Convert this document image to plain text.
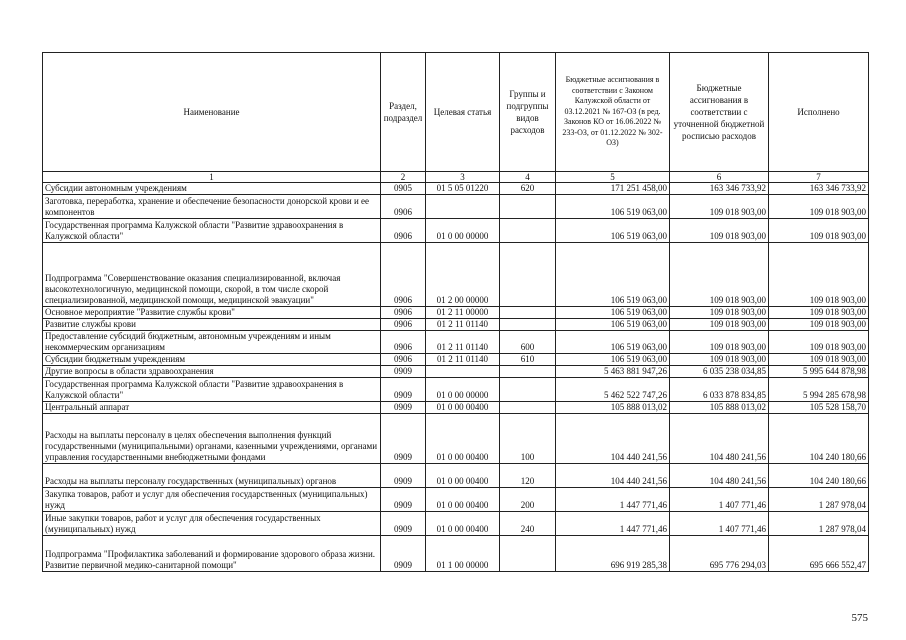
Наименование	Раздел, подраздел	Целевая статья	Группы и подгруппы видов расходов	Бюджетные ассигнования в соответствии с Законом Калужской области от 03.12.2021 № 167-ОЗ (в ред. Законов КО от 16.06.2022 № 233-ОЗ, от 01.12.2022 № 302-ОЗ)	Бюджетные ассигнования в соответствии с уточненной бюджетной росписью расходов	Исполнено
1	2	3	4	5	6	7
Субсидии автономным учреждениям	0905	01 5 05 01220	620	171 251 458,00	163 346 733,92	163 346 733,92
Заготовка, переработка, хранение и обеспечение безопасности донорской крови и ее компонентов	0906			106 519 063,00	109 018 903,00	109 018 903,00
Государственная программа Калужской области "Развитие здравоохранения в Калужской области"	0906	01 0 00 00000		106 519 063,00	109 018 903,00	109 018 903,00
Подпрограмма "Совершенствование оказания специализированной, включая высокотехнологичную, медицинской помощи, скорой, в том числе скорой специализированной, медицинской помощи, медицинской эвакуации"	0906	01 2 00 00000		106 519 063,00	109 018 903,00	109 018 903,00
Основное мероприятие "Развитие службы крови"	0906	01 2 11 00000		106 519 063,00	109 018 903,00	109 018 903,00
Развитие службы крови	0906	01 2 11 01140		106 519 063,00	109 018 903,00	109 018 903,00
Предоставление субсидий бюджетным, автономным учреждениям и иным некоммерческим организациям	0906	01 2 11 01140	600	106 519 063,00	109 018 903,00	109 018 903,00
Субсидии бюджетным учреждениям	0906	01 2 11 01140	610	106 519 063,00	109 018 903,00	109 018 903,00
Другие вопросы в области здравоохранения	0909			5 463 881 947,26	6 035 238 034,85	5 995 644 878,98
Государственная программа Калужской области "Развитие здравоохранения в Калужской области"	0909	01 0 00 00000		5 462 522 747,26	6 033 878 834,85	5 994 285 678,98
Центральный аппарат	0909	01 0 00 00400		105 888 013,02	105 888 013,02	105 528 158,70
Расходы на выплаты персоналу в целях обеспечения выполнения функций государственными (муниципальными) органами, казенными учреждениями, органами управления государственными внебюджетными фондами	0909	01 0 00 00400	100	104 440 241,56	104 480 241,56	104 240 180,66
Расходы на выплаты персоналу государственных (муниципальных) органов	0909	01 0 00 00400	120	104 440 241,56	104 480 241,56	104 240 180,66
Закупка товаров, работ и услуг для обеспечения государственных (муниципальных) нужд	0909	01 0 00 00400	200	1 447 771,46	1 407 771,46	1 287 978,04
Иные закупки товаров, работ и услуг для обеспечения государственных (муниципальных) нужд	0909	01 0 00 00400	240	1 447 771,46	1 407 771,46	1 287 978,04
Подпрограмма "Профилактика заболеваний и формирование здорового образа жизни. Развитие первичной медико-санитарной помощи"	0909	01 1 00 00000		696 919 285,38	695 776 294,03	695 666 552,47
575
